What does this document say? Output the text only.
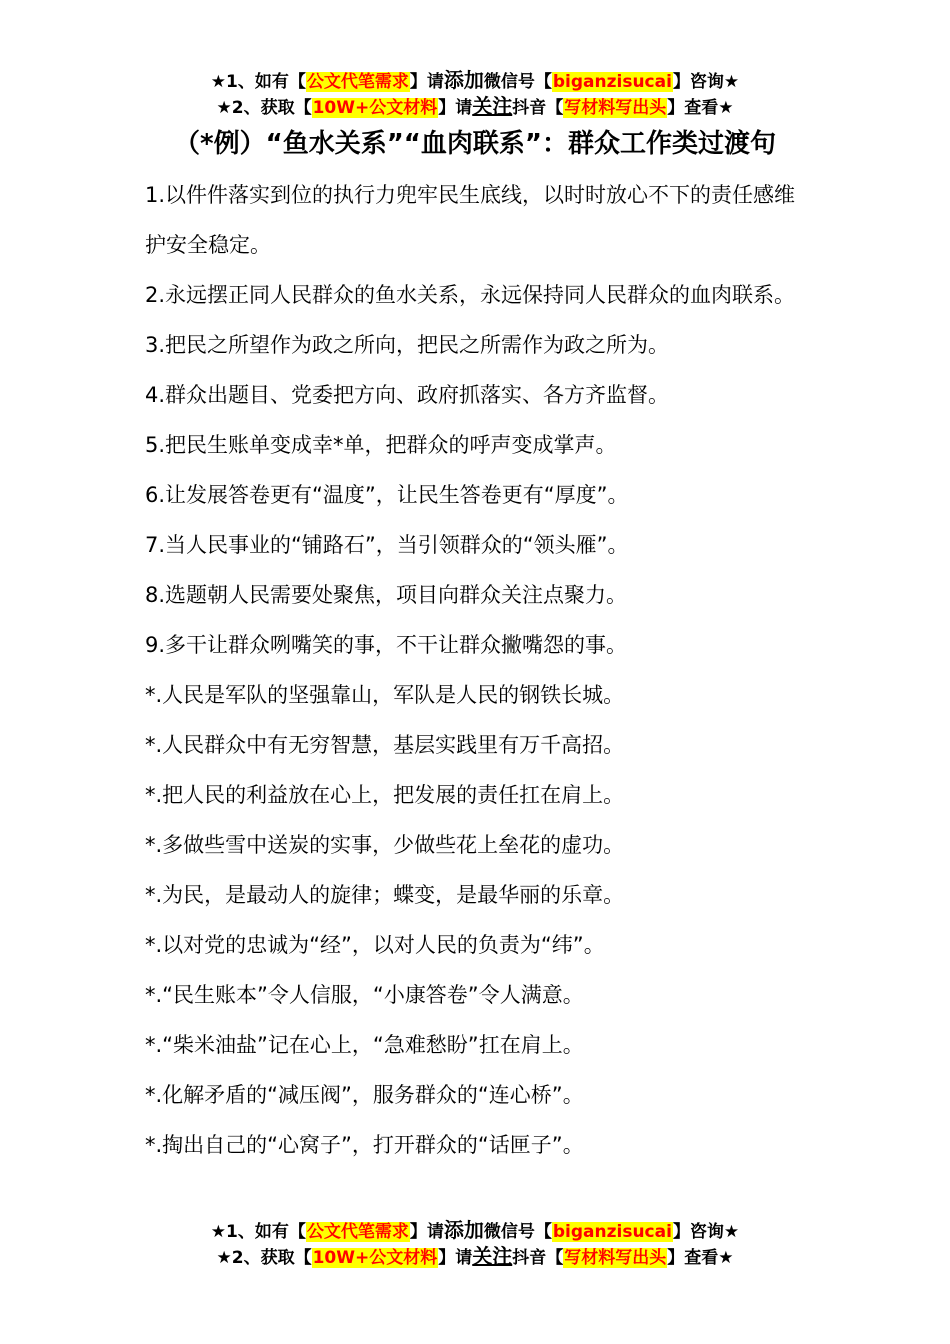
★1、如有【公文代笔需求】请添加微信号【biganzisucai】咨询★
★2、获取【10W+公文材料】请关注抖音【写材料写出头】查看★
（*例）“鱼水关系”“血肉联系”：群众工作类过渡句

1.以件件落实到位的执行力兜牢民生底线，以时时放心不下的责任感维护安全稳定。

2.永远摆正同人民群众的鱼水关系，永远保持同人民群众的血肉联系。

3.把民之所望作为政之所向，把民之所需作为政之所为。

4.群众出题目、党委把方向、政府抓落实、各方齐监督。

5.把民生账单变成幸*单，把群众的呼声变成掌声。

6.让发展答卷更有“温度”，让民生答卷更有“厚度”。

7.当人民事业的“铺路石”，当引领群众的“领头雁”。

8.选题朝人民需要处聚焦，项目向群众关注点聚力。

9.多干让群众咧嘴笑的事，不干让群众撇嘴怨的事。

*.人民是军队的坚强靠山，军队是人民的钢铁长城。

*.人民群众中有无穷智慧，基层实践里有万千高招。

*.把人民的利益放在心上，把发展的责任扛在肩上。

*.多做些雪中送炭的实事，少做些花上垒花的虚功。

*.为民，是最动人的旋律；蝶变，是最华丽的乐章。

*.以对党的忠诚为“经”，以对人民的负责为“纬”。

*.“民生账本”令人信服，“小康答卷”令人满意。

*.“柴米油盐”记在心上，“急难愁盼”扛在肩上。

*.化解矛盾的“减压阀”，服务群众的“连心桥”。

*.掏出自己的“心窝子”，打开群众的“话匣子”。

★1、如有【公文代笔需求】请添加微信号【biganzisucai】咨询★
★2、获取【10W+公文材料】请关注抖音【写材料写出头】查看★
